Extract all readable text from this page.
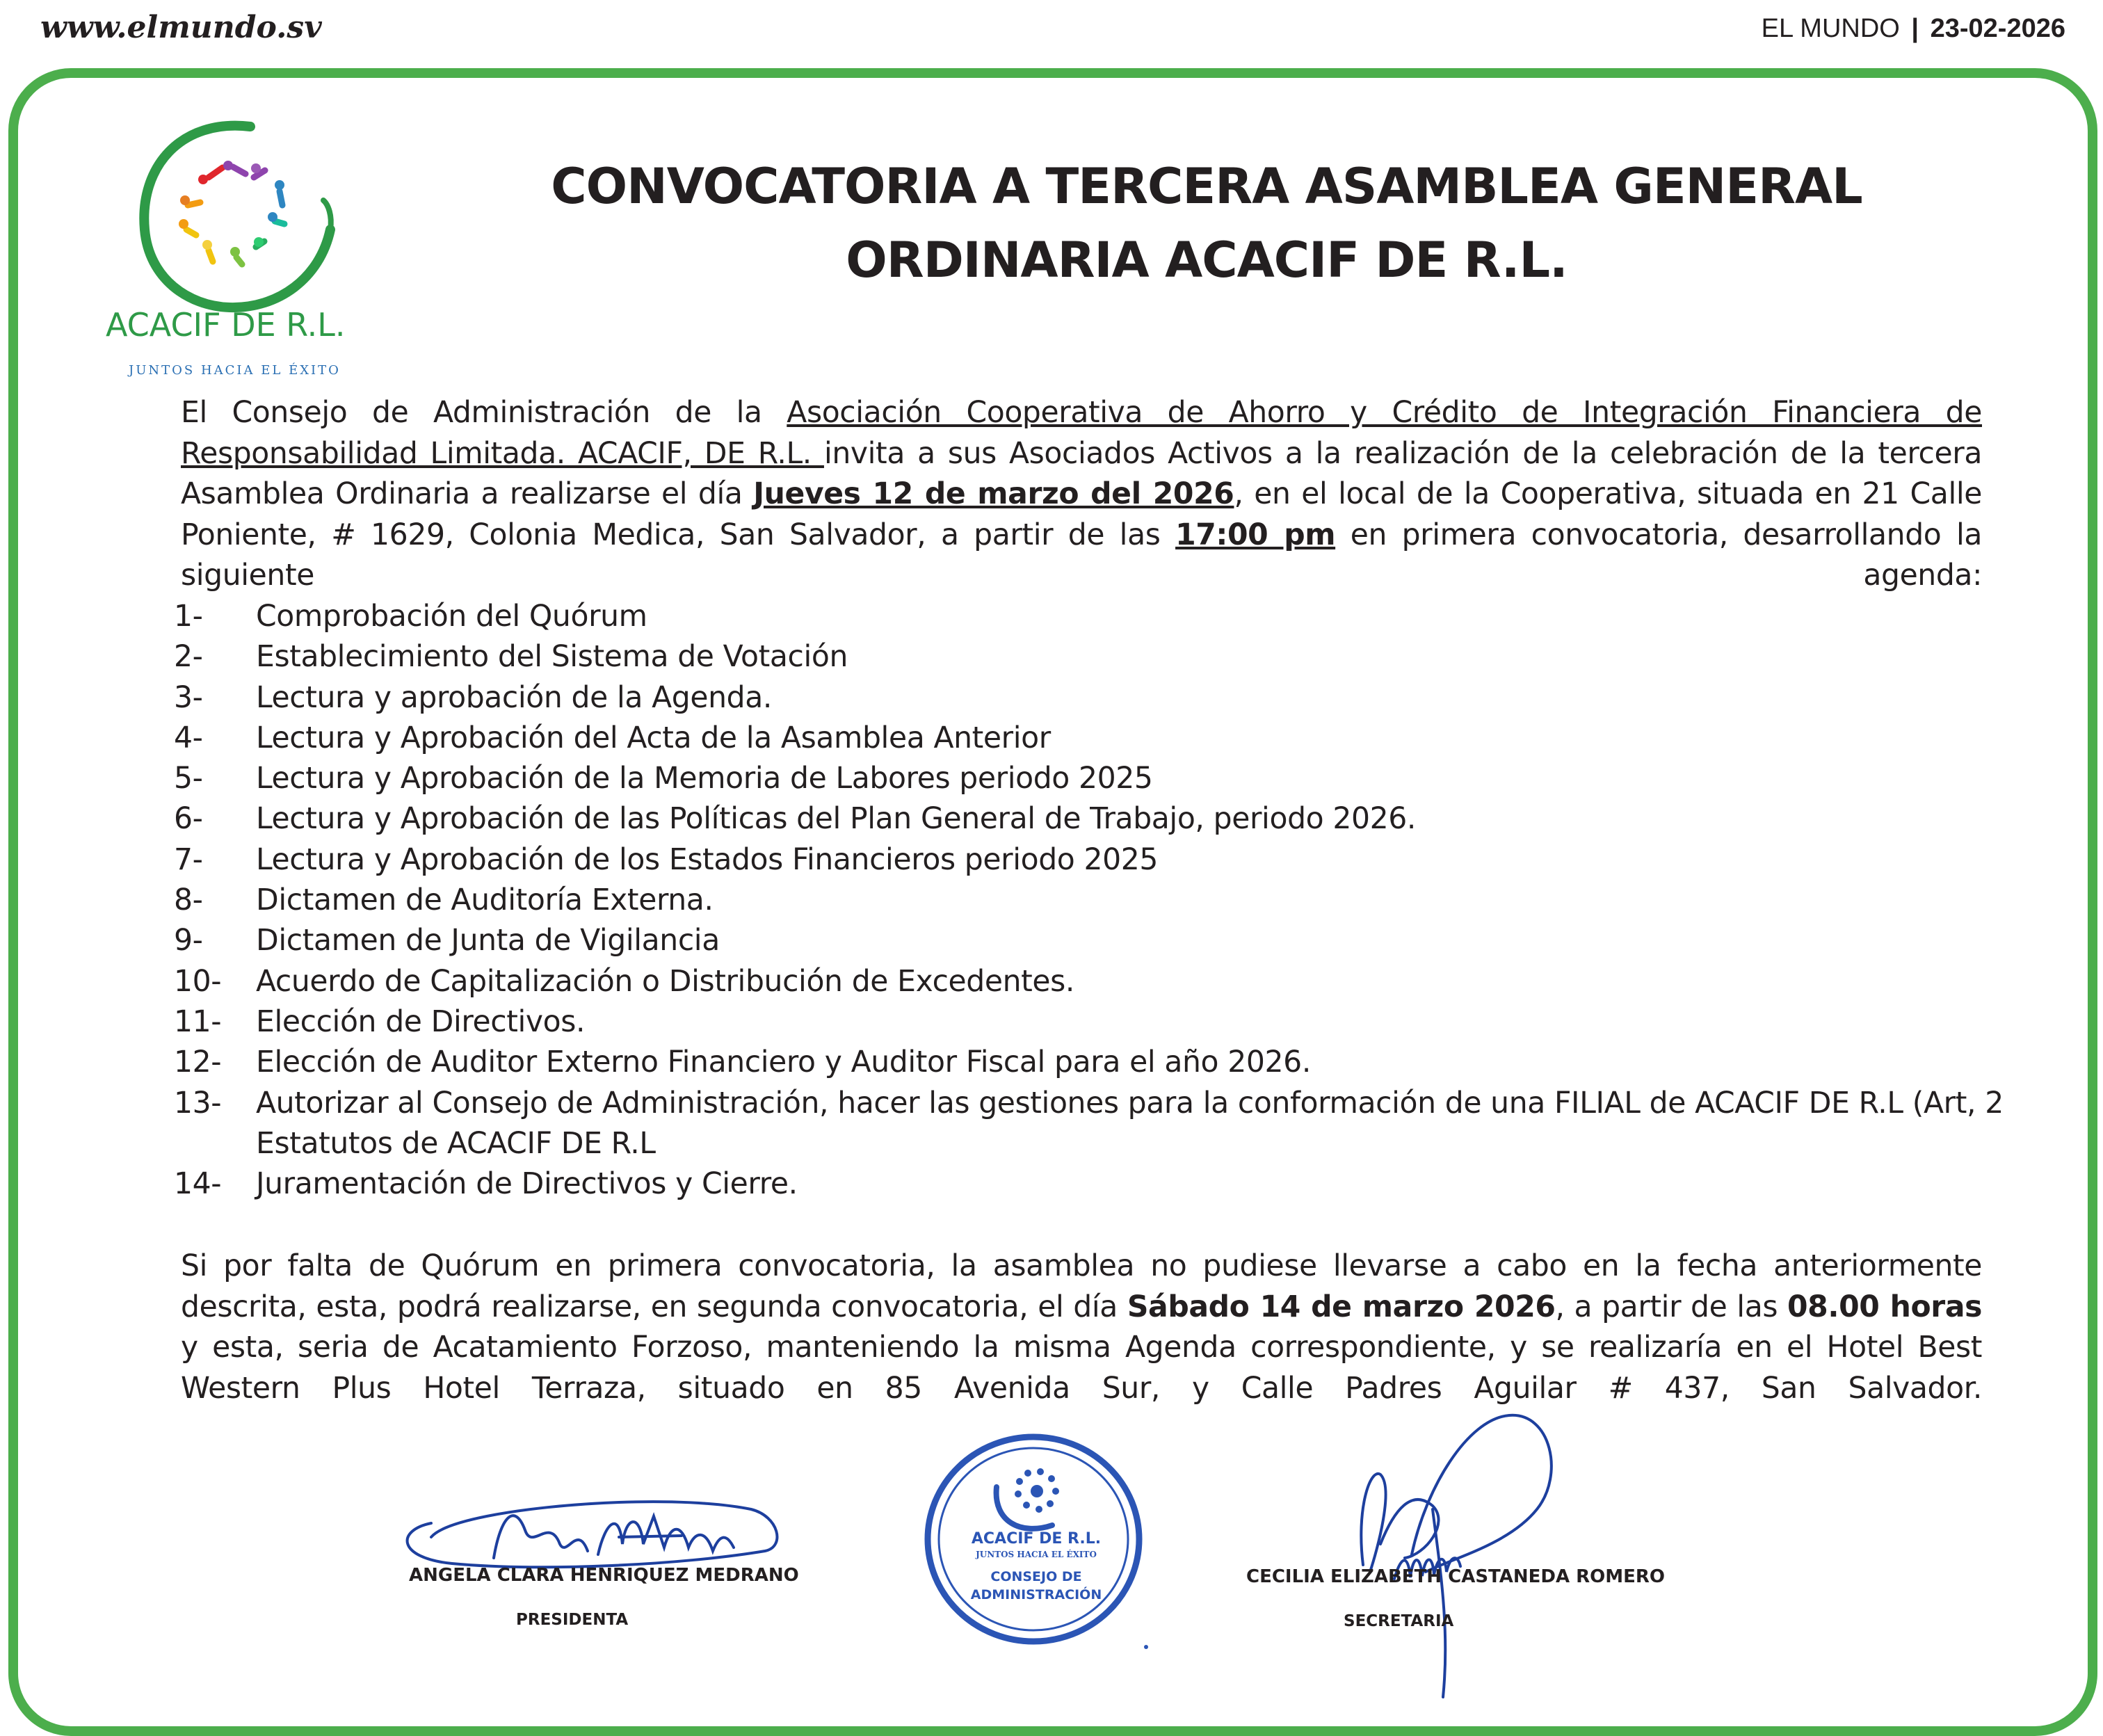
www.elmundo.sv	EL MUNDO | 23-02-2026
ACACIF DE R.L.
JUNTOS HACIA EL ÉXITO
CONVOCATORIA A TERCERA ASAMBLEA GENERAL
ORDINARIA ACACIF DE R.L.
El Consejo de Administración de la Asociación Cooperativa de Ahorro y Crédito de Integración Financiera de Responsabilidad Limitada. ACACIF, DE R.L. invita a sus Asociados Activos a la realización de la celebración de la tercera Asamblea Ordinaria a realizarse el día Jueves 12 de marzo del 2026, en el local de la Cooperativa, situada en 21 Calle Poniente, # 1629, Colonia Medica, San Salvador, a partir de las 17:00 pm en primera convocatoria, desarrollando la siguiente agenda:
1- Comprobación del Quórum
2- Establecimiento del Sistema de Votación
3- Lectura y aprobación de la Agenda.
4- Lectura y Aprobación del Acta de la Asamblea Anterior
5- Lectura y Aprobación de la Memoria de Labores periodo 2025
6- Lectura y Aprobación de las Políticas del Plan General de Trabajo, periodo 2026.
7- Lectura y Aprobación de los Estados Financieros periodo 2025
8- Dictamen de Auditoría Externa.
9- Dictamen de Junta de Vigilancia
10- Acuerdo de Capitalización o Distribución de Excedentes.
11- Elección de Directivos.
12- Elección de Auditor Externo Financiero y Auditor Fiscal para el año 2026.
13- Autorizar al Consejo de Administración, hacer las gestiones para la conformación de una FILIAL de ACACIF DE R.L (Art, 2
Estatutos de ACACIF DE R.L
14- Juramentación de Directivos y Cierre.
Si por falta de Quórum en primera convocatoria, la asamblea no pudiese llevarse a cabo en la fecha anteriormente descrita, esta, podrá realizarse, en segunda convocatoria, el día Sábado 14 de marzo 2026, a partir de las 08.00 horas y esta, seria de Acatamiento Forzoso, manteniendo la misma Agenda correspondiente, y se realizaría en el Hotel Best Western Plus Hotel Terraza, situado en 85 Avenida Sur, y Calle Padres Aguilar # 437, San Salvador.
ANGELA CLARA HENRIQUEZ MEDRANO
PRESIDENTA
ACACIF DE R.L.
JUNTOS HACIA EL ÉXITO
CONSEJO DE
ADMINISTRACIÓN
CECILIA ELIZABETH CASTANEDA ROMERO
SECRETARIA
